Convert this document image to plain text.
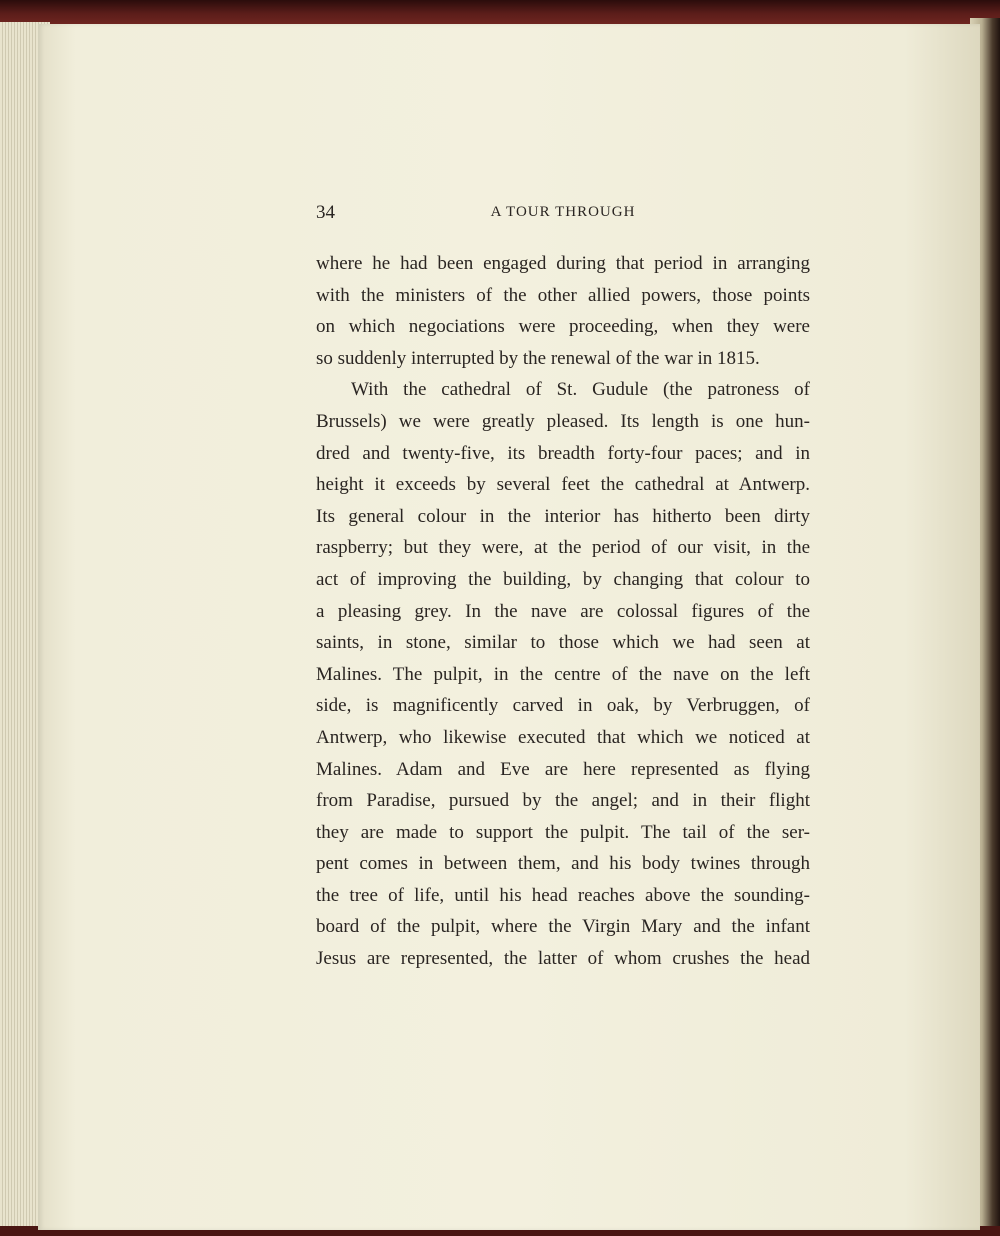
34	A TOUR THROUGH
where he had been engaged during that period in arranging
with the ministers of the other allied powers, those points
on which negociations were proceeding, when they were
so suddenly interrupted by the renewal of the war in 1815.
With the cathedral of St. Gudule (the patroness of
Brussels) we were greatly pleased. Its length is one hun-
dred and twenty-five, its breadth forty-four paces; and in
height it exceeds by several feet the cathedral at Antwerp.
Its general colour in the interior has hitherto been dirty
raspberry; but they were, at the period of our visit, in the
act of improving the building, by changing that colour to
a pleasing grey. In the nave are colossal figures of the
saints, in stone, similar to those which we had seen at
Malines. The pulpit, in the centre of the nave on the left
side, is magnificently carved in oak, by Verbruggen, of
Antwerp, who likewise executed that which we noticed at
Malines. Adam and Eve are here represented as flying
from Paradise, pursued by the angel; and in their flight
they are made to support the pulpit. The tail of the ser-
pent comes in between them, and his body twines through
the tree of life, until his head reaches above the sounding-
board of the pulpit, where the Virgin Mary and the infant
Jesus are represented, the latter of whom crushes the head
